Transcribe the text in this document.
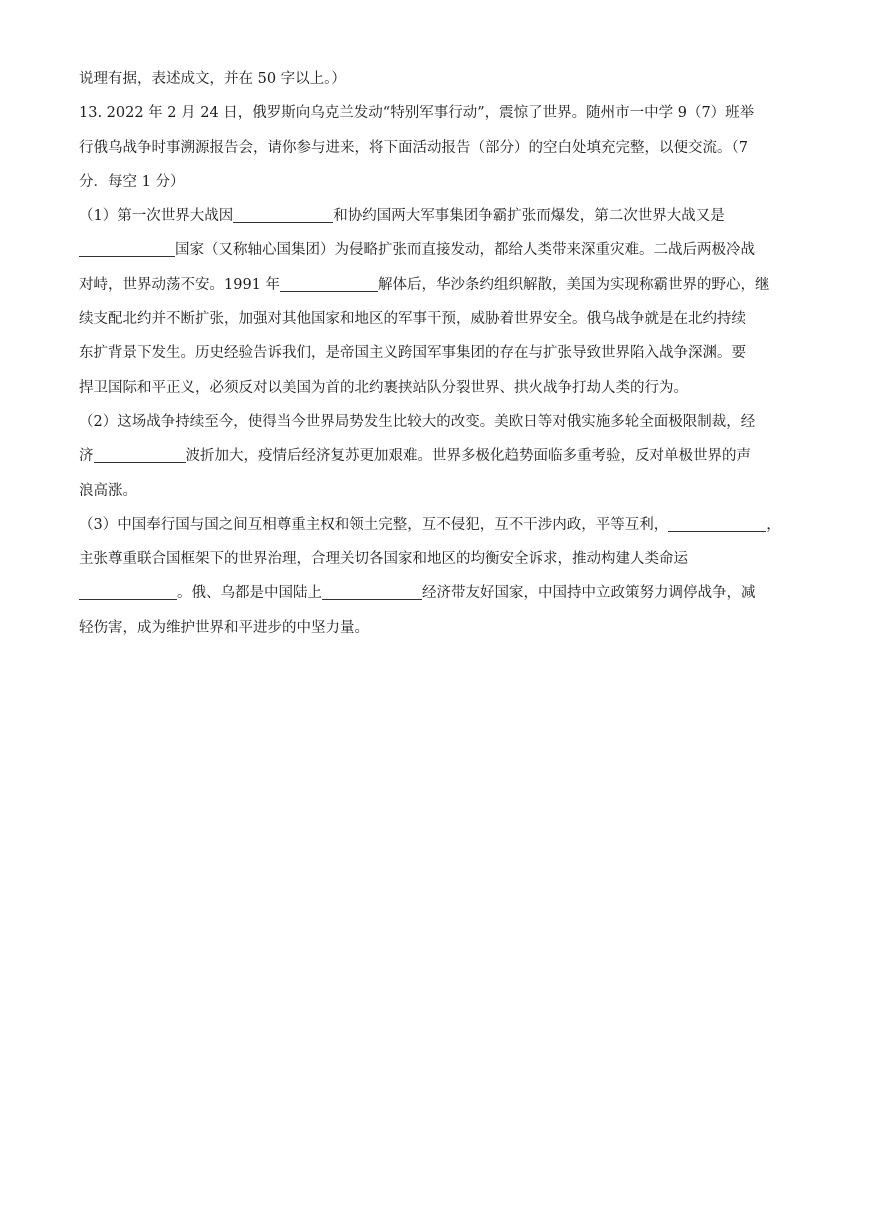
说理有据，表述成文，并在 50 字以上。）
13. 2022 年 2 月 24 日，俄罗斯向乌克兰发动“特别军事行动”，震惊了世界。随州市一中学 9（7）班举
行俄乌战争时事溯源报告会，请你参与进来，将下面活动报告（部分）的空白处填充完整，以便交流。（7
分．每空 1 分）
（1）第一次世界大战因	和协约国两大军事集团争霸扩张而爆发，第二次世界大战又是
国家（又称轴心国集团）为侵略扩张而直接发动，都给人类带来深重灾难。二战后两极冷战
对峙，世界动荡不安。1991 年	解体后，华沙条约组织解散，美国为实现称霸世界的野心，继
续支配北约并不断扩张，加强对其他国家和地区的军事干预，威胁着世界安全。俄乌战争就是在北约持续
东扩背景下发生。历史经验告诉我们，是帝国主义跨国军事集团的存在与扩张导致世界陷入战争深渊。要
捍卫国际和平正义，必须反对以美国为首的北约裹挟站队分裂世界、拱火战争打劫人类的行为。
（2）这场战争持续至今，使得当今世界局势发生比较大的改变。美欧日等对俄实施多轮全面极限制裁，经
济	波折加大，疫情后经济复苏更加艰难。世界多极化趋势面临多重考验，反对单极世界的声
浪高涨。
（3）中国奉行国与国之间互相尊重主权和领土完整，互不侵犯，互不干涉内政，平等互利，	，
主张尊重联合国框架下的世界治理，合理关切各国家和地区的均衡安全诉求，推动构建人类命运
。俄、乌都是中国陆上	经济带友好国家，中国持中立政策努力调停战争，减
轻伤害，成为维护世界和平进步的中坚力量。
